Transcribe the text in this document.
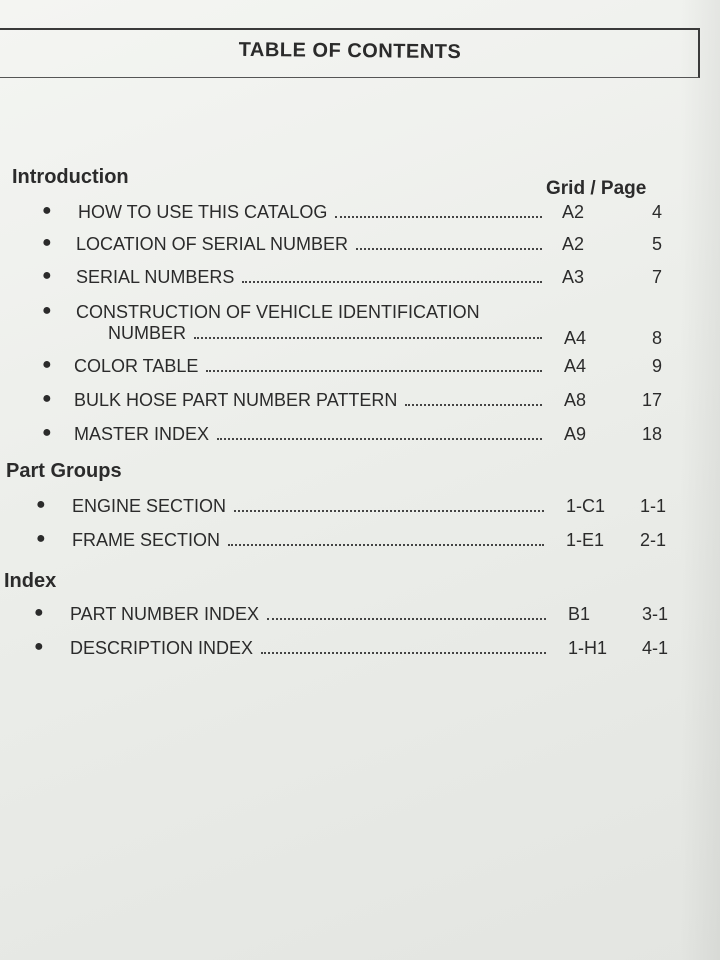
TABLE OF CONTENTS
Introduction
Grid / Page
● HOW TO USE THIS CATALOG	A2	4
● LOCATION OF SERIAL NUMBER	A2	5
● SERIAL NUMBERS	A3	7
● CONSTRUCTION OF VEHICLE IDENTIFICATION
NUMBER	A4	8
● COLOR TABLE	A4	9
● BULK HOSE PART NUMBER PATTERN	A8	17
● MASTER INDEX	A9	18
Part Groups
● ENGINE SECTION	1-C1	1-1
● FRAME SECTION	1-E1	2-1
Index
● PART NUMBER INDEX	B1	3-1
● DESCRIPTION INDEX	1-H1	4-1
